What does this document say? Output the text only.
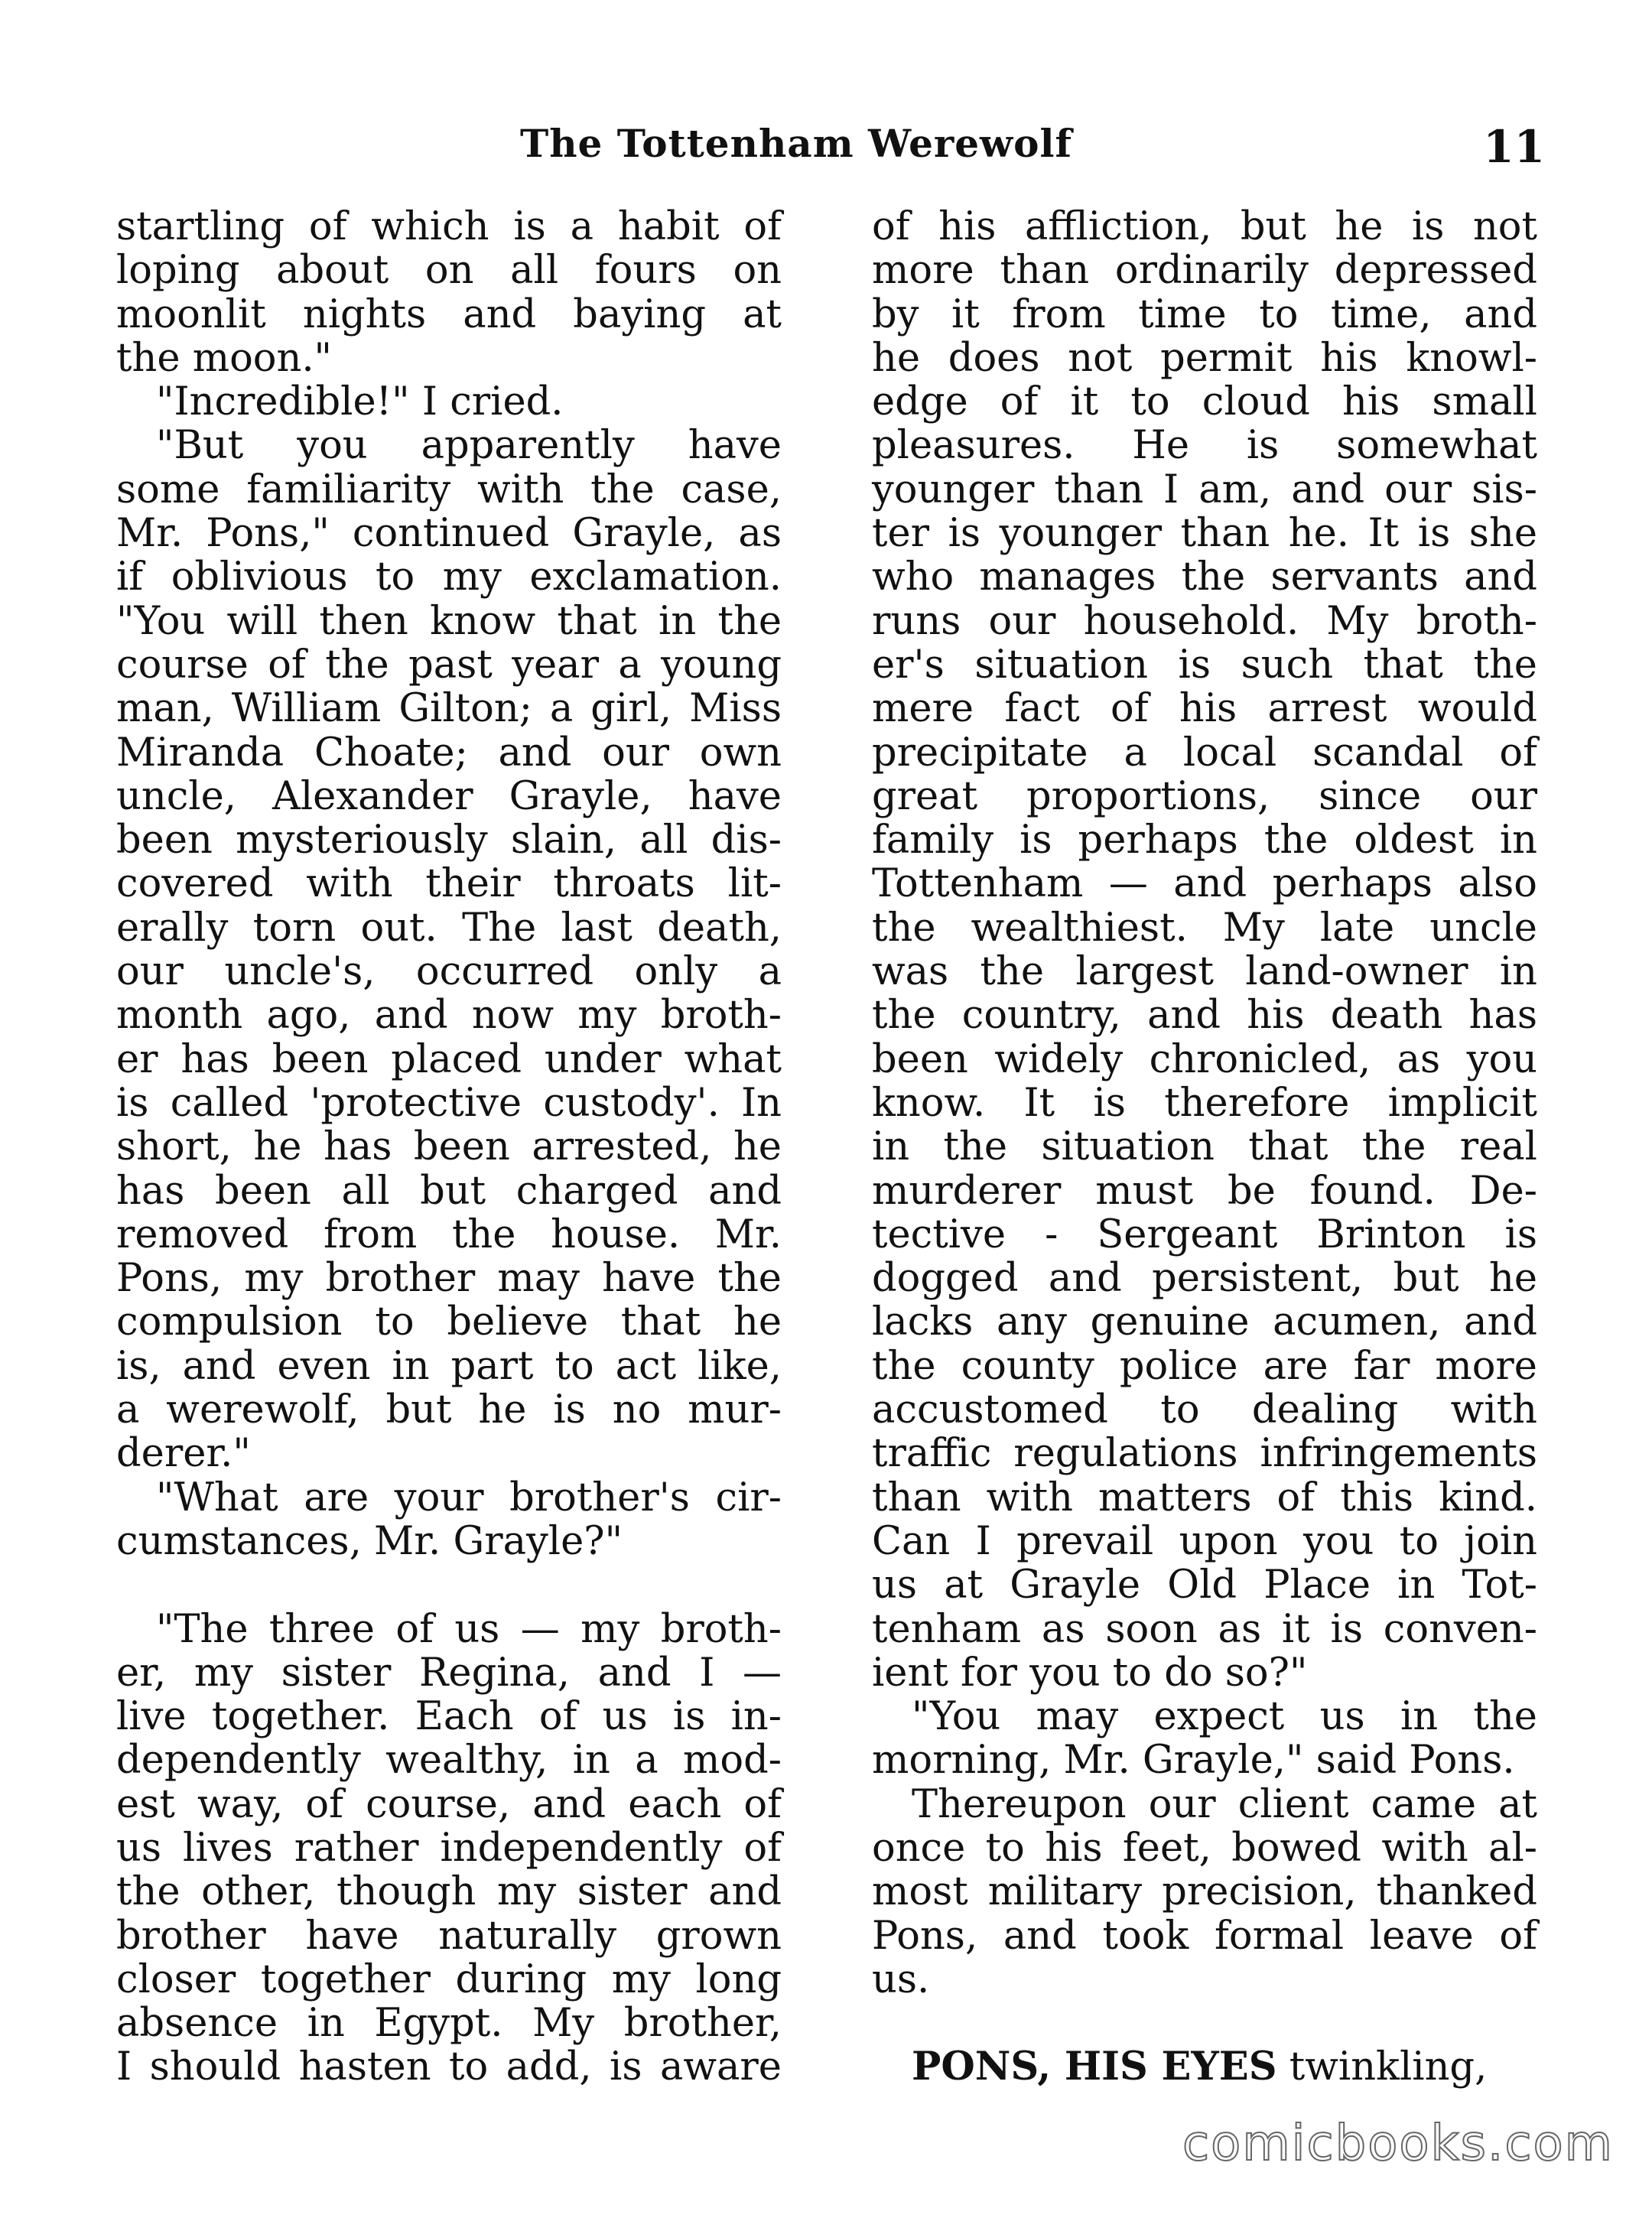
The Tottenham Werewolf	11
startling of which is a habit of
loping about on all fours on
moonlit nights and baying at
the moon."
"Incredible!" I cried.
"But you apparently have
some familiarity with the case,
Mr. Pons," continued Grayle, as
if oblivious to my exclamation.
"You will then know that in the
course of the past year a young
man, William Gilton; a girl, Miss
Miranda Choate; and our own
uncle, Alexander Grayle, have
been mysteriously slain, all dis-
covered with their throats lit-
erally torn out. The last death,
our uncle's, occurred only a
month ago, and now my broth-
er has been placed under what
is called 'protective custody'. In
short, he has been arrested, he
has been all but charged and
removed from the house. Mr.
Pons, my brother may have the
compulsion to believe that he
is, and even in part to act like,
a werewolf, but he is no mur-
derer."
"What are your brother's cir-
cumstances, Mr. Grayle?"
"The three of us — my broth-
er, my sister Regina, and I —
live together. Each of us is in-
dependently wealthy, in a mod-
est way, of course, and each of
us lives rather independently of
the other, though my sister and
brother have naturally grown
closer together during my long
absence in Egypt. My brother,
I should hasten to add, is aware
of his affliction, but he is not
more than ordinarily depressed
by it from time to time, and
he does not permit his knowl-
edge of it to cloud his small
pleasures. He is somewhat
younger than I am, and our sis-
ter is younger than he. It is she
who manages the servants and
runs our household. My broth-
er's situation is such that the
mere fact of his arrest would
precipitate a local scandal of
great proportions, since our
family is perhaps the oldest in
Tottenham — and perhaps also
the wealthiest. My late uncle
was the largest land-owner in
the country, and his death has
been widely chronicled, as you
know. It is therefore implicit
in the situation that the real
murderer must be found. De-
tective - Sergeant Brinton is
dogged and persistent, but he
lacks any genuine acumen, and
the county police are far more
accustomed to dealing with
traffic regulations infringements
than with matters of this kind.
Can I prevail upon you to join
us at Grayle Old Place in Tot-
tenham as soon as it is conven-
ient for you to do so?"
"You may expect us in the
morning, Mr. Grayle," said Pons.
Thereupon our client came at
once to his feet, bowed with al-
most military precision, thanked
Pons, and took formal leave of
us.
PONS, HIS EYES twinkling,
comicbooks.com
